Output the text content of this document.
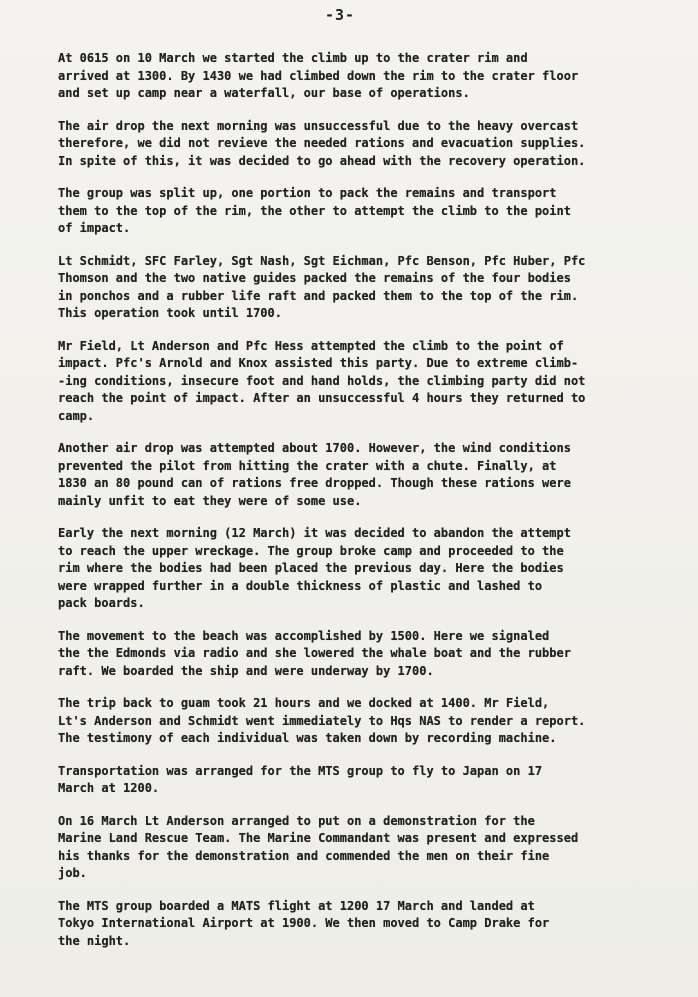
-3-
At 0615 on 10 March we started the climb up to the crater rim and
arrived at 1300. By 1430 we had climbed down the rim to the crater floor
and set up camp near a waterfall, our base of operations.
The air drop the next morning was unsuccessful due to the heavy overcast
therefore, we did not revieve the needed rations and evacuation supplies.
In spite of this, it was decided to go ahead with the recovery operation.
The group was split up, one portion to pack the remains and transport
them to the top of the rim, the other to attempt the climb to the point
of impact.
Lt Schmidt, SFC Farley, Sgt Nash, Sgt Eichman, Pfc Benson, Pfc Huber, Pfc
Thomson and the two native guides packed the remains of the four bodies
in ponchos and a rubber life raft and packed them to the top of the rim.
This operation took until 1700.
Mr Field, Lt Anderson and Pfc Hess attempted the climb to the point of
impact. Pfc's Arnold and Knox assisted this party. Due to extreme climb-
-ing conditions, insecure foot and hand holds, the climbing party did not
reach the point of impact. After an unsuccessful 4 hours they returned to
camp.
Another air drop was attempted about 1700. However, the wind conditions
prevented the pilot from hitting the crater with a chute. Finally, at
1830 an 80 pound can of rations free dropped. Though these rations were
mainly unfit to eat they were of some use.
Early the next morning (12 March) it was decided to abandon the attempt
to reach the upper wreckage. The group broke camp and proceeded to the
rim where the bodies had been placed the previous day. Here the bodies
were wrapped further in a double thickness of plastic and lashed to
pack boards.
The movement to the beach was accomplished by 1500. Here we signaled
the the Edmonds via radio and she lowered the whale boat and the rubber
raft. We boarded the ship and were underway by 1700.
The trip back to guam took 21 hours and we docked at 1400. Mr Field,
Lt's Anderson and Schmidt went immediately to Hqs NAS to render a report.
The testimony of each individual was taken down by recording machine.
Transportation was arranged for the MTS group to fly to Japan on 17
March at 1200.
On 16 March Lt Anderson arranged to put on a demonstration for the
Marine Land Rescue Team. The Marine Commandant was present and expressed
his thanks for the demonstration and commended the men on their fine
job.
The MTS group boarded a MATS flight at 1200 17 March and landed at
Tokyo International Airport at 1900. We then moved to Camp Drake for
the night.
